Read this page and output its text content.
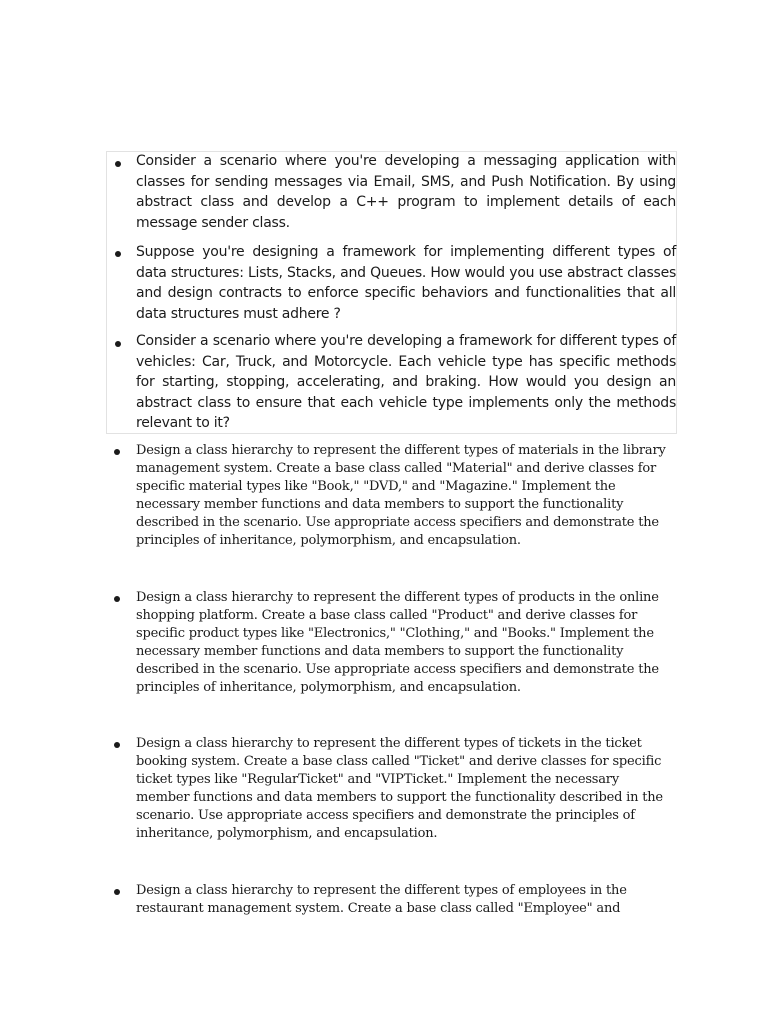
Consider a scenario where you're developing a messaging application with classes for sending messages via Email, SMS, and Push Notification. By using abstract class and develop a C++ program to implement details of each message sender class.
Suppose you're designing a framework for implementing different types of data structures: Lists, Stacks, and Queues. How would you use abstract classes and design contracts to enforce specific behaviors and functionalities that all data structures must adhere ?
Consider a scenario where you're developing a framework for different types of vehicles: Car, Truck, and Motorcycle. Each vehicle type has specific methods for starting, stopping, accelerating, and braking. How would you design an abstract class to ensure that each vehicle type implements only the methods relevant to it?
Design a class hierarchy to represent the different types of materials in the library management system. Create a base class called "Material" and derive classes for specific material types like "Book," "DVD," and "Magazine." Implement the necessary member functions and data members to support the functionality described in the scenario. Use appropriate access specifiers and demonstrate the principles of inheritance, polymorphism, and encapsulation.
Design a class hierarchy to represent the different types of products in the online shopping platform. Create a base class called "Product" and derive classes for specific product types like "Electronics," "Clothing," and "Books." Implement the necessary member functions and data members to support the functionality described in the scenario. Use appropriate access specifiers and demonstrate the principles of inheritance, polymorphism, and encapsulation.
Design a class hierarchy to represent the different types of tickets in the ticket booking system. Create a base class called "Ticket" and derive classes for specific ticket types like "RegularTicket" and "VIPTicket." Implement the necessary member functions and data members to support the functionality described in the scenario. Use appropriate access specifiers and demonstrate the principles of inheritance, polymorphism, and encapsulation.
Design a class hierarchy to represent the different types of employees in the restaurant management system. Create a base class called "Employee" and
